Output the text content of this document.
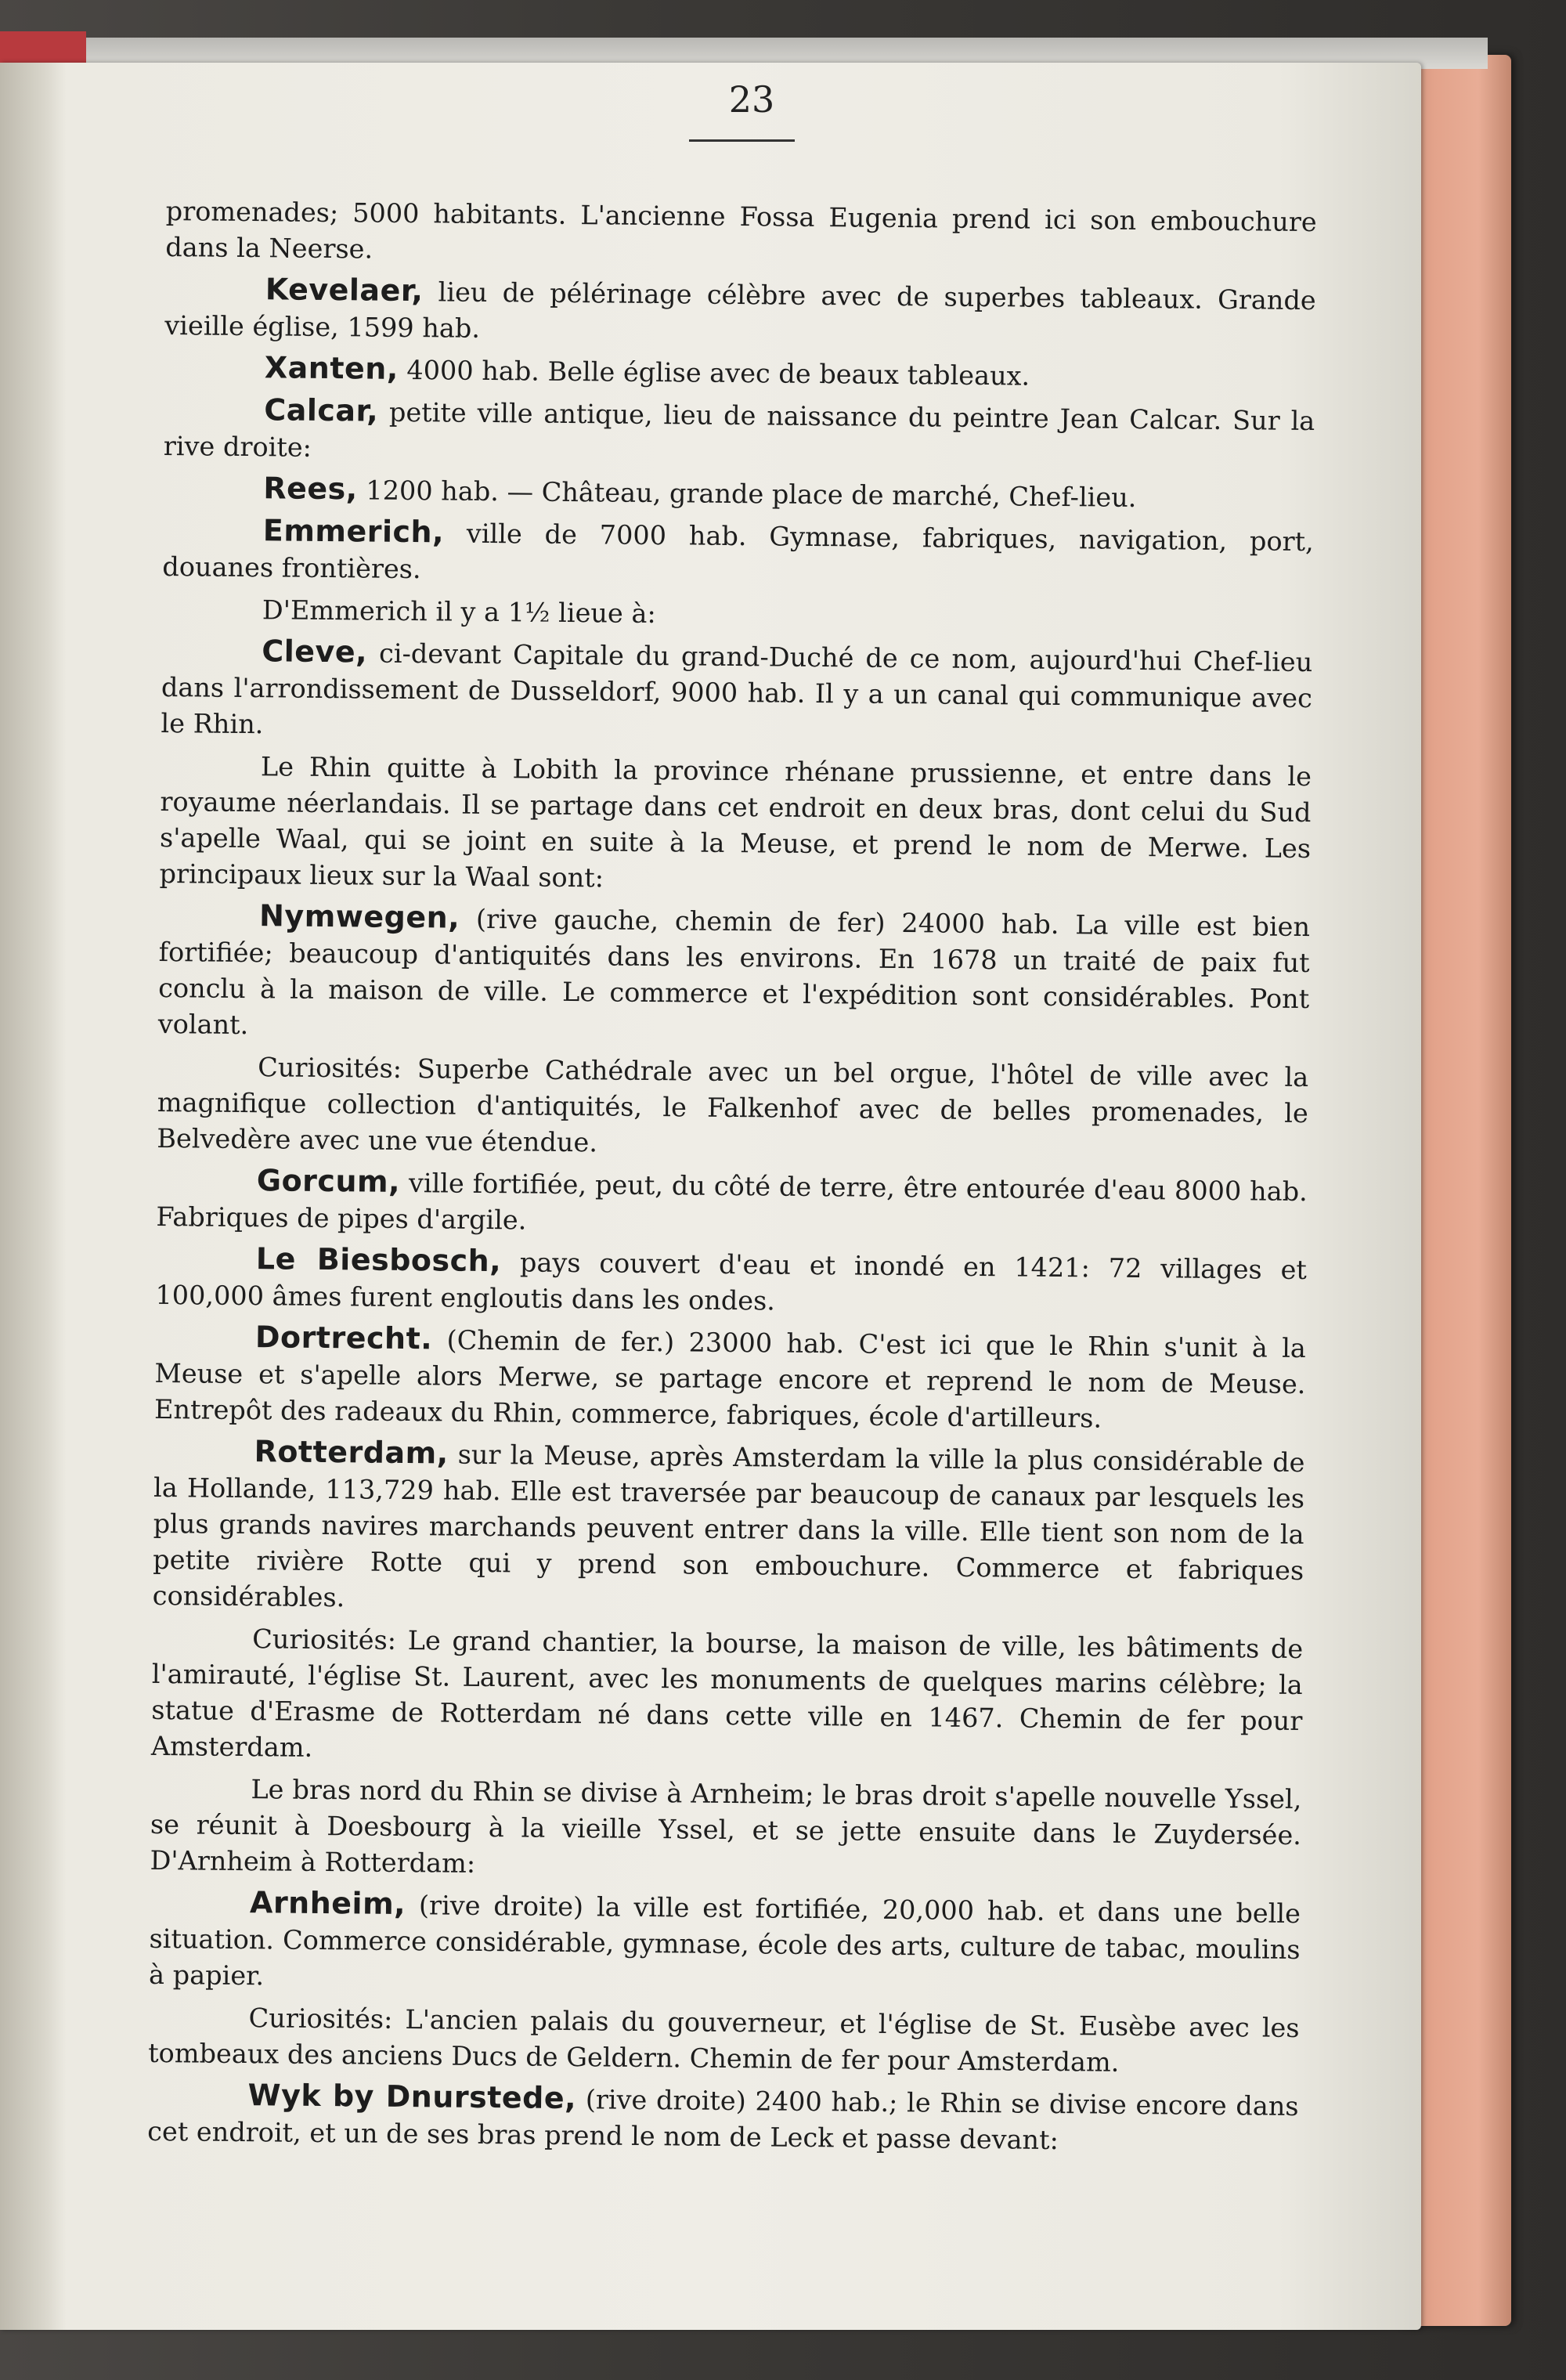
23

promenades; 5000 habitants. L'ancienne Fossa Eugenia prend ici son embouchure dans la Neerse.

Kevelaer, lieu de pélérinage célèbre avec de superbes tableaux. Grande vieille église, 1599 hab.

Xanten, 4000 hab. Belle église avec de beaux tableaux.

Calcar, petite ville antique, lieu de naissance du peintre Jean Calcar. Sur la rive droite:

Rees, 1200 hab. — Château, grande place de marché, Chef-lieu.

Emmerich, ville de 7000 hab. Gymnase, fabriques, navigation, port, douanes frontières.

D'Emmerich il y a 1½ lieue à:

Cleve, ci-devant Capitale du grand-Duché de ce nom, aujourd'hui Chef-lieu dans l'arrondissement de Dusseldorf, 9000 hab. Il y a un canal qui communique avec le Rhin.

Le Rhin quitte à Lobith la province rhénane prussienne, et entre dans le royaume néerlandais. Il se partage dans cet endroit en deux bras, dont celui du Sud s'apelle Waal, qui se joint en suite à la Meuse, et prend le nom de Merwe. Les principaux lieux sur la Waal sont:

Nymwegen, (rive gauche, chemin de fer) 24000 hab. La ville est bien fortifiée; beaucoup d'antiquités dans les environs. En 1678 un traité de paix fut conclu à la maison de ville. Le commerce et l'expédition sont considérables. Pont volant.

Curiosités: Superbe Cathédrale avec un bel orgue, l'hôtel de ville avec la magnifique collection d'antiquités, le Falkenhof avec de belles promenades, le Belvedère avec une vue étendue.

Gorcum, ville fortifiée, peut, du côté de terre, être entourée d'eau 8000 hab. Fabriques de pipes d'argile.

Le Biesbosch, pays couvert d'eau et inondé en 1421: 72 villages et 100,000 âmes furent engloutis dans les ondes.

Dortrecht. (Chemin de fer.) 23000 hab. C'est ici que le Rhin s'unit à la Meuse et s'apelle alors Merwe, se partage encore et reprend le nom de Meuse. Entrepôt des radeaux du Rhin, commerce, fabriques, école d'artilleurs.

Rotterdam, sur la Meuse, après Amsterdam la ville la plus considérable de la Hollande, 113,729 hab. Elle est traversée par beaucoup de canaux par lesquels les plus grands navires marchands peuvent entrer dans la ville. Elle tient son nom de la petite rivière Rotte qui y prend son embouchure. Commerce et fabriques considérables.

Curiosités: Le grand chantier, la bourse, la maison de ville, les bâtiments de l'amirauté, l'église St. Laurent, avec les monuments de quelques marins célèbre; la statue d'Erasme de Rotterdam né dans cette ville en 1467. Chemin de fer pour Amsterdam.

Le bras nord du Rhin se divise à Arnheim; le bras droit s'apelle nouvelle Yssel, se réunit à Doesbourg à la vieille Yssel, et se jette ensuite dans le Zuydersée. D'Arnheim à Rotterdam:

Arnheim, (rive droite) la ville est fortifiée, 20,000 hab. et dans une belle situation. Commerce considérable, gymnase, école des arts, culture de tabac, moulins à papier.

Curiosités: L'ancien palais du gouverneur, et l'église de St. Eusèbe avec les tombeaux des anciens Ducs de Geldern. Chemin de fer pour Amsterdam.

Wyk by Dnurstede, (rive droite) 2400 hab.; le Rhin se divise encore dans cet endroit, et un de ses bras prend le nom de Leck et passe devant:
